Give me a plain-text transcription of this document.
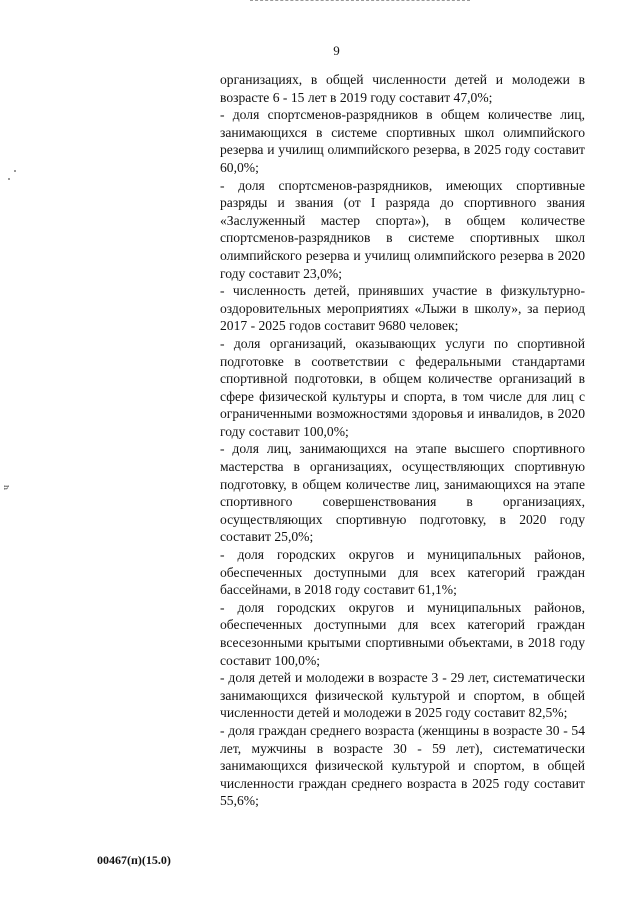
9
ч

организациях, в общей численности детей и молодежи в возрасте 6 - 15 лет в 2019 году составит 47,0%;

- доля спортсменов-разрядников в общем количестве лиц, занимающихся в системе спортивных школ олимпийского резерва и училищ олимпийского резерва, в 2025 году составит 60,0%;

- доля спортсменов-разрядников, имеющих спортивные разряды и звания (от I разряда до спортивного звания «Заслуженный мастер спорта»), в общем количестве спортсменов-разрядников в системе спортивных школ олимпийского резерва и училищ олимпийского резерва в 2020 году составит 23,0%;

- численность детей, принявших участие в физкультурно-оздоровительных мероприятиях «Лыжи в школу», за период 2017 - 2025 годов составит 9680 человек;

- доля организаций, оказывающих услуги по спортивной подготовке в соответствии с федеральными стандартами спортивной подготовки, в общем количестве организаций в сфере физической культуры и спорта, в том числе для лиц с ограниченными возможностями здоровья и инвалидов, в 2020 году составит 100,0%;

- доля лиц, занимающихся на этапе высшего спортивного мастерства в организациях, осуществляющих спортивную подготовку, в общем количестве лиц, занимающихся на этапе спортивного совершенствования в организациях, осуществляющих спортивную подготовку, в 2020 году составит 25,0%;

- доля городских округов и муниципальных районов, обеспеченных доступными для всех категорий граждан бассейнами, в 2018 году составит 61,1%;

- доля городских округов и муниципальных районов, обеспеченных доступными для всех категорий граждан всесезонными крытыми спортивными объектами, в 2018 году составит 100,0%;

- доля детей и молодежи в возрасте 3 - 29 лет, систематически занимающихся физической культурой и спортом, в общей численности детей и молодежи в 2025 году составит 82,5%;

- доля граждан среднего возраста (женщины в возрасте 30 - 54 лет, мужчины в возрасте 30 - 59 лет), систематически занимающихся физической культурой и спортом, в общей численности граждан среднего возраста в 2025 году составит 55,6%;

00467(п)(15.0)
